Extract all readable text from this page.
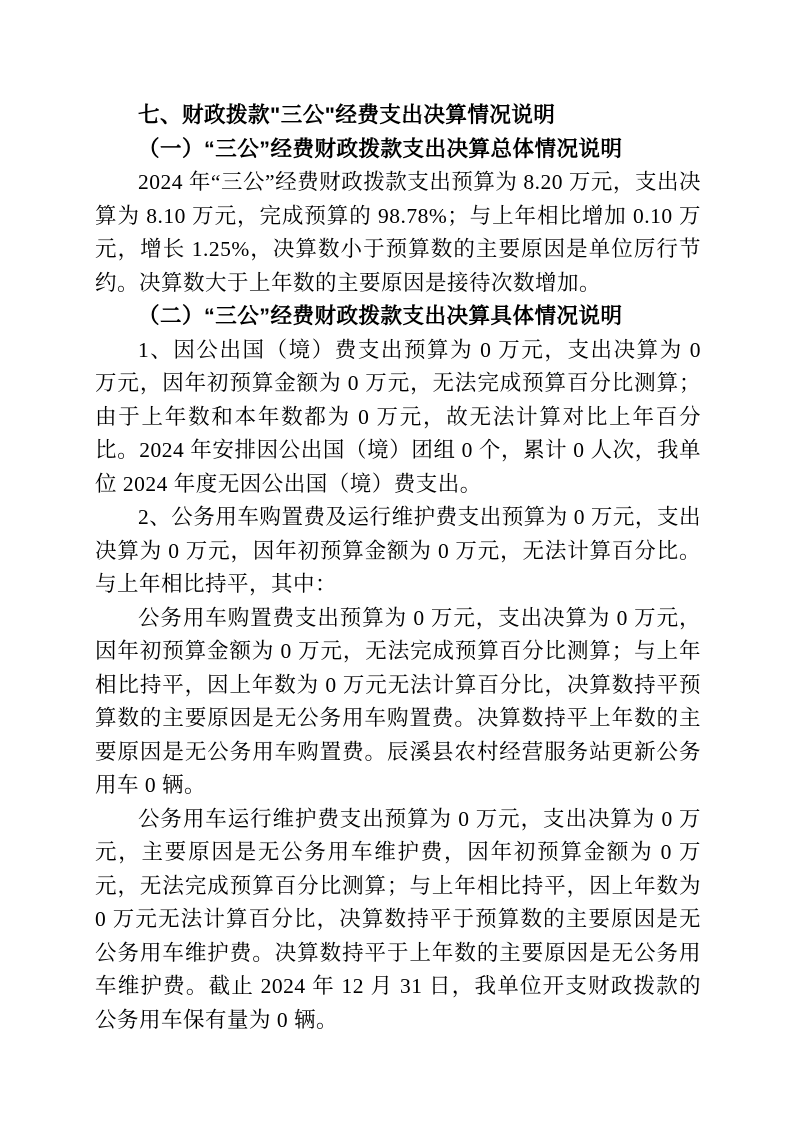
七、财政拨款"三公"经费支出决算情况说明
（一）“三公”经费财政拨款支出决算总体情况说明

2024 年“三公”经费财政拨款支出预算为 8.20 万元，支出决算为 8.10 万元，完成预算的 98.78%；与上年相比增加 0.10 万元，增长 1.25%，决算数小于预算数的主要原因是单位厉行节约。决算数大于上年数的主要原因是接待次数增加。

（二）“三公”经费财政拨款支出决算具体情况说明

1、因公出国（境）费支出预算为 0 万元，支出决算为 0 万元，因年初预算金额为 0 万元，无法完成预算百分比测算；由于上年数和本年数都为 0 万元，故无法计算对比上年百分比。2024 年安排因公出国（境）团组 0 个，累计 0 人次，我单位 2024 年度无因公出国（境）费支出。

2、公务用车购置费及运行维护费支出预算为 0 万元，支出决算为 0 万元，因年初预算金额为 0 万元，无法计算百分比。与上年相比持平，其中：

公务用车购置费支出预算为 0 万元，支出决算为 0 万元，因年初预算金额为 0 万元，无法完成预算百分比测算；与上年相比持平，因上年数为 0 万元无法计算百分比，决算数持平预算数的主要原因是无公务用车购置费。决算数持平上年数的主要原因是无公务用车购置费。辰溪县农村经营服务站更新公务用车 0 辆。

公务用车运行维护费支出预算为 0 万元，支出决算为 0 万元，主要原因是无公务用车维护费，因年初预算金额为 0 万元，无法完成预算百分比测算；与上年相比持平，因上年数为 0 万元无法计算百分比，决算数持平于预算数的主要原因是无公务用车维护费。决算数持平于上年数的主要原因是无公务用车维护费。截止 2024 年 12 月 31 日，我单位开支财政拨款的公务用车保有量为 0 辆。
